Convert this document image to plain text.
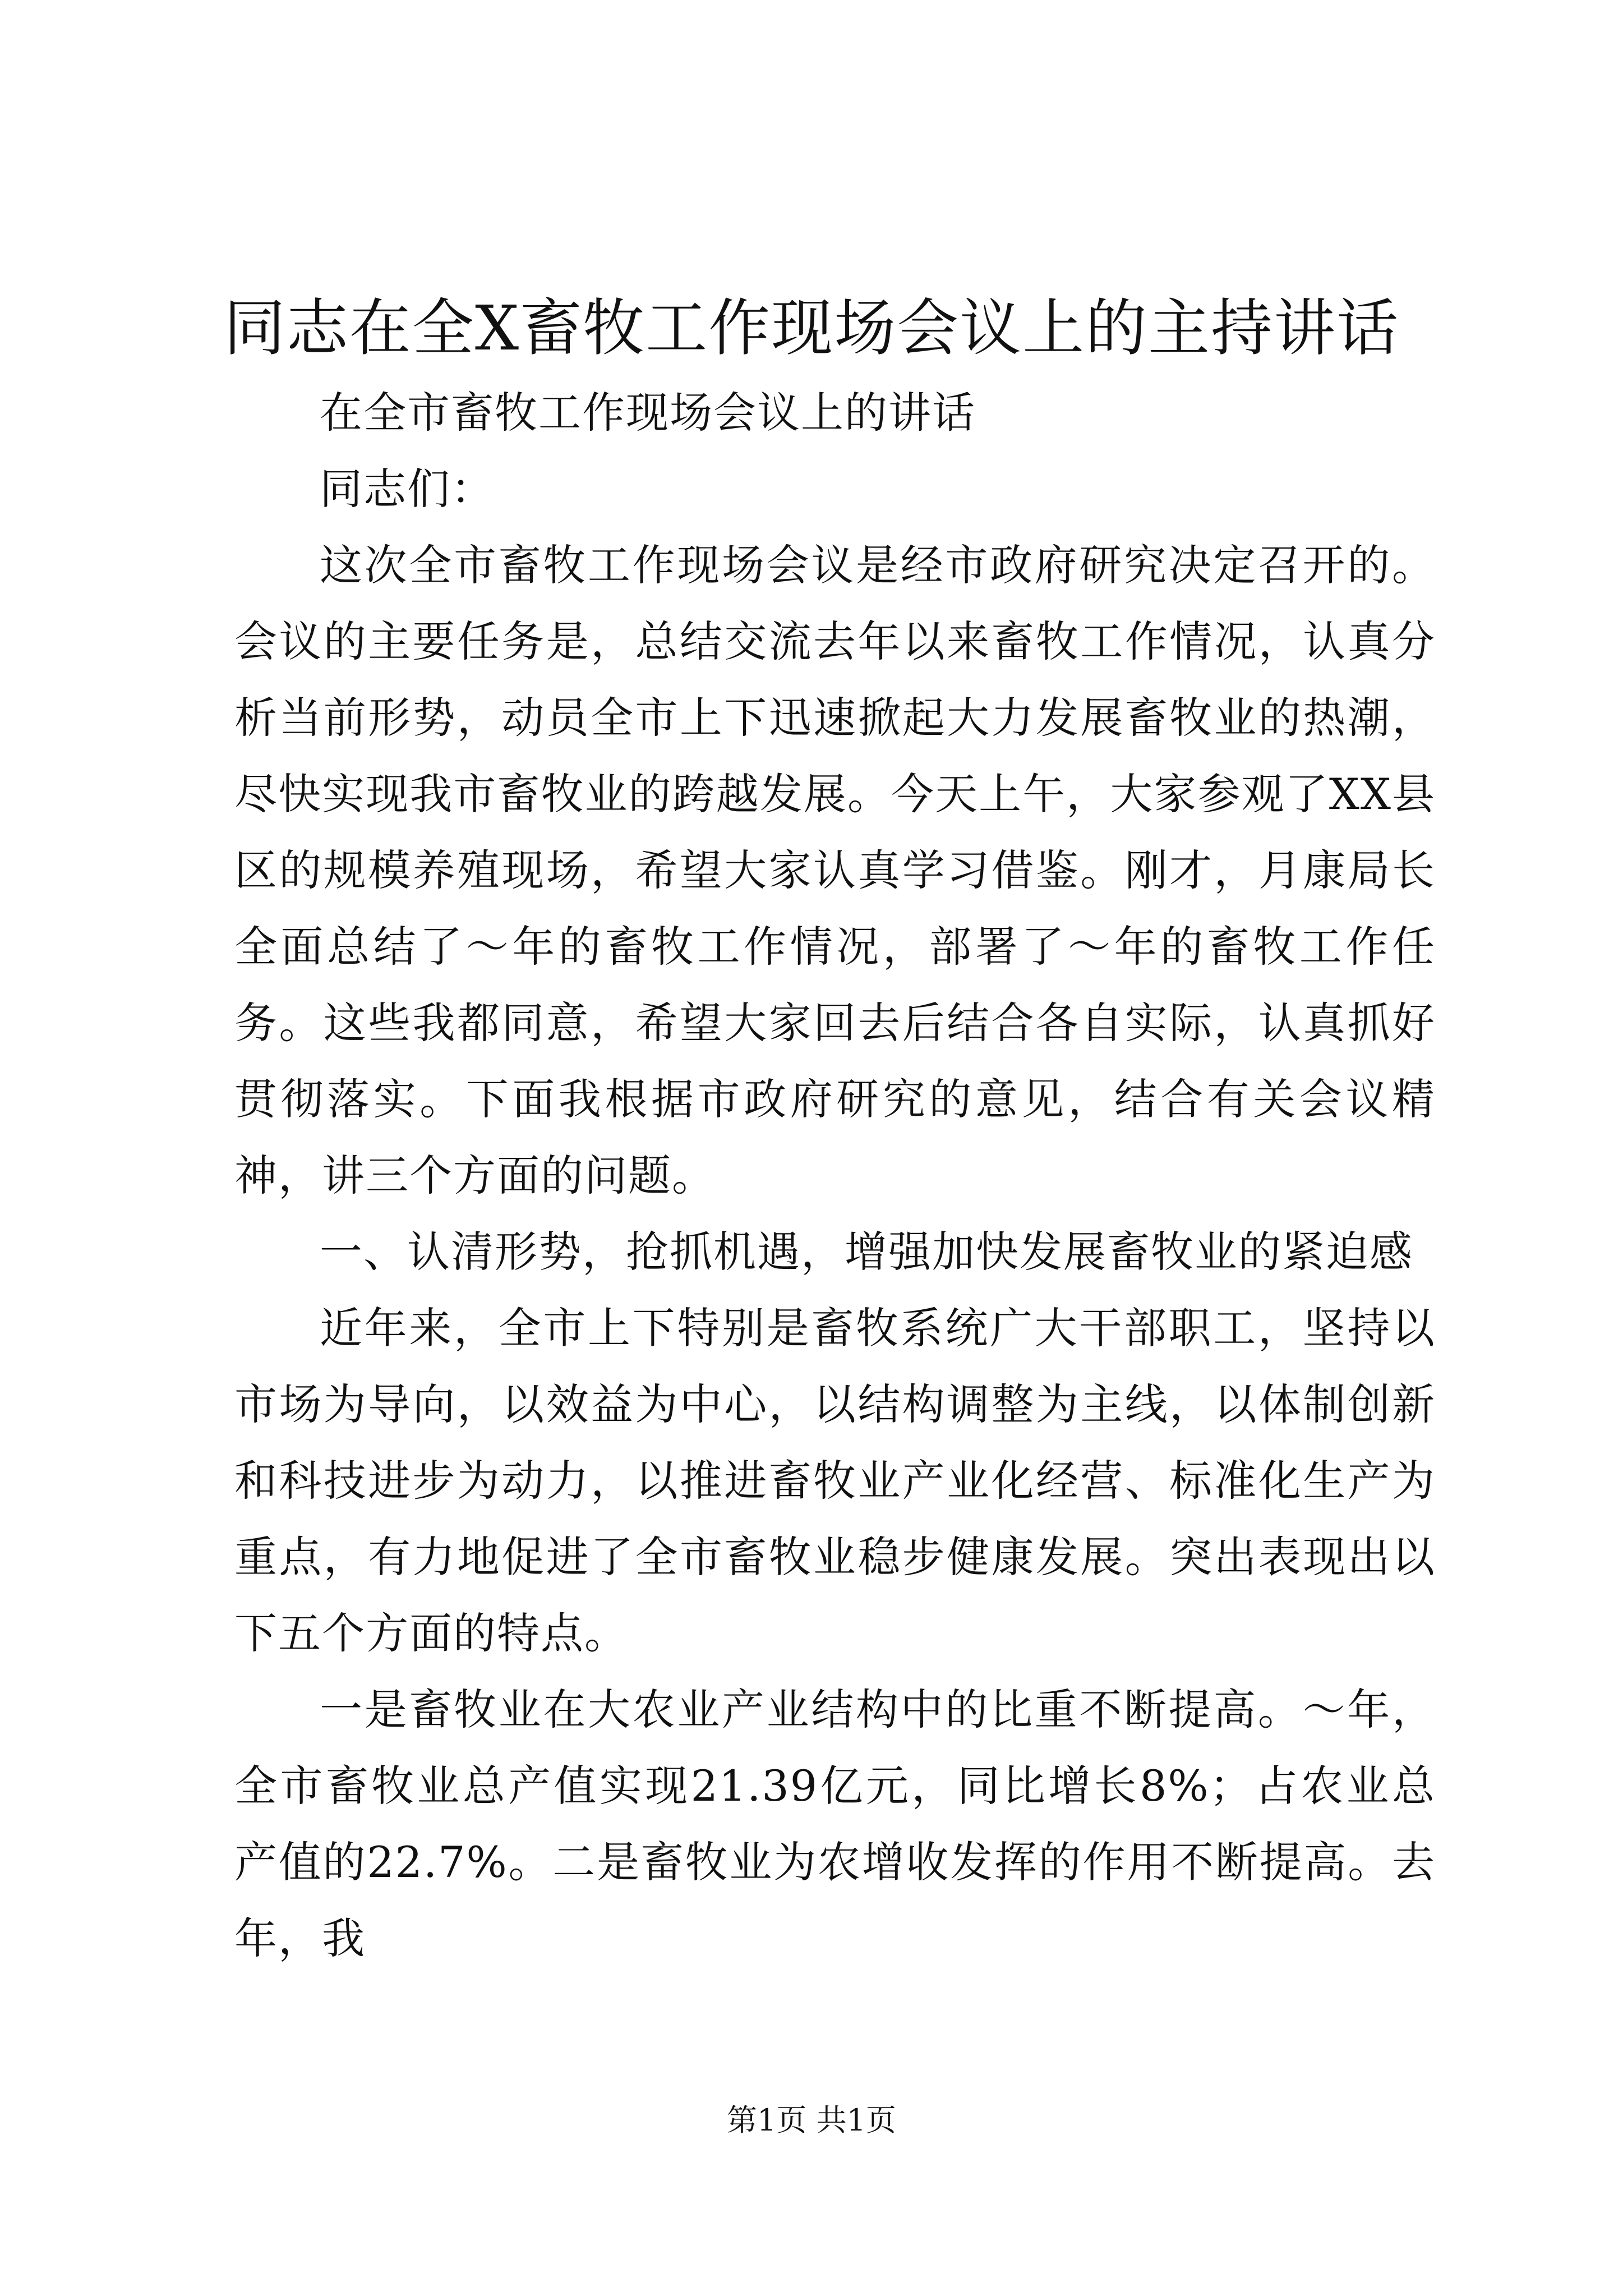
同志在全X畜牧工作现场会议上的主持讲话

在全市畜牧工作现场会议上的讲话

同志们：

这次全市畜牧工作现场会议是经市政府研究决定召开的。会议的主要任务是，总结交流去年以来畜牧工作情况，认真分析当前形势，动员全市上下迅速掀起大力发展畜牧业的热潮，尽快实现我市畜牧业的跨越发展。今天上午，大家参观了XX县区的规模养殖现场，希望大家认真学习借鉴。刚才，月康局长全面总结了～年的畜牧工作情况，部署了～年的畜牧工作任务。这些我都同意，希望大家回去后结合各自实际，认真抓好贯彻落实。下面我根据市政府研究的意见，结合有关会议精神，讲三个方面的问题。

一、认清形势，抢抓机遇，增强加快发展畜牧业的紧迫感

近年来，全市上下特别是畜牧系统广大干部职工，坚持以市场为导向，以效益为中心，以结构调整为主线，以体制创新和科技进步为动力，以推进畜牧业产业化经营、标准化生产为重点，有力地促进了全市畜牧业稳步健康发展。突出表现出以下五个方面的特点。

一是畜牧业在大农业产业结构中的比重不断提高。～年，全市畜牧业总产值实现21.39亿元，同比增长8%；占农业总产值的22.7%。二是畜牧业为农增收发挥的作用不断提高。去年，我

第1页 共1页
